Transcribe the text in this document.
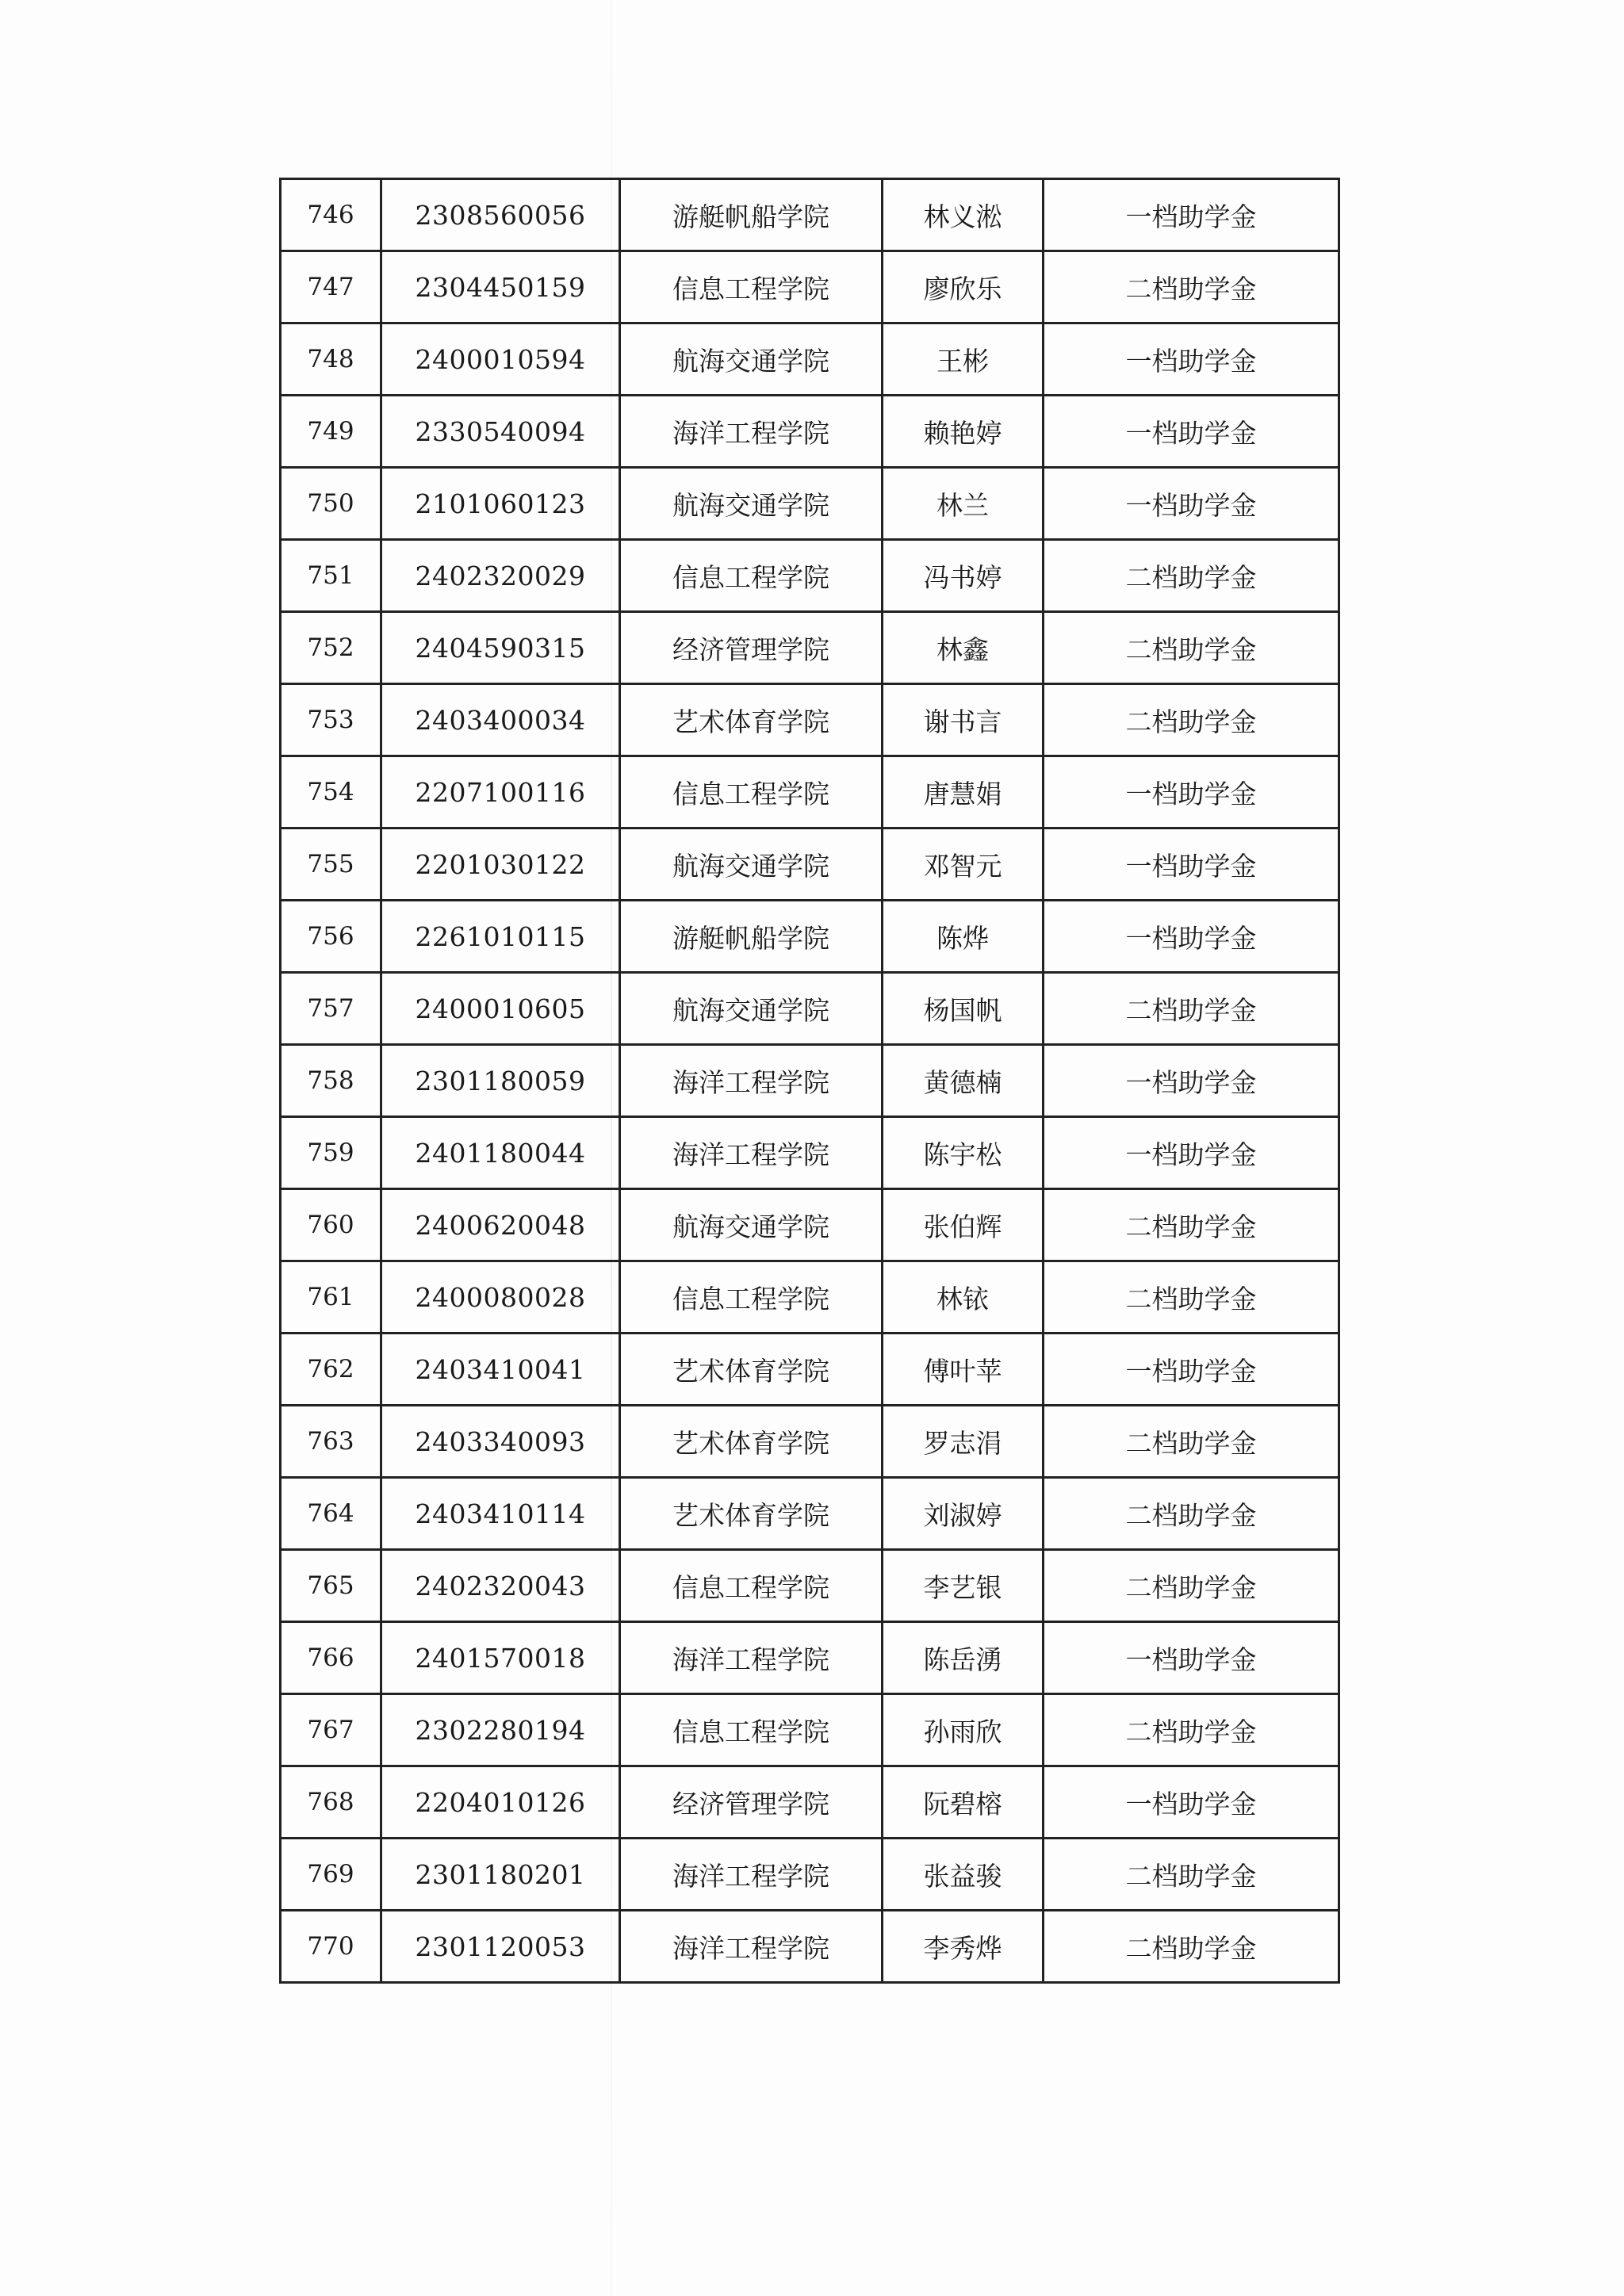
746	2308560056	游艇帆船学院	林义淞	一档助学金
747	2304450159	信息工程学院	廖欣乐	二档助学金
748	2400010594	航海交通学院	王彬	一档助学金
749	2330540094	海洋工程学院	赖艳婷	一档助学金
750	2101060123	航海交通学院	林兰	一档助学金
751	2402320029	信息工程学院	冯书婷	二档助学金
752	2404590315	经济管理学院	林鑫	二档助学金
753	2403400034	艺术体育学院	谢书言	二档助学金
754	2207100116	信息工程学院	唐慧娟	一档助学金
755	2201030122	航海交通学院	邓智元	一档助学金
756	2261010115	游艇帆船学院	陈烨	一档助学金
757	2400010605	航海交通学院	杨国帆	二档助学金
758	2301180059	海洋工程学院	黄德楠	一档助学金
759	2401180044	海洋工程学院	陈宇松	一档助学金
760	2400620048	航海交通学院	张伯辉	二档助学金
761	2400080028	信息工程学院	林铱	二档助学金
762	2403410041	艺术体育学院	傅叶苹	一档助学金
763	2403340093	艺术体育学院	罗志涓	二档助学金
764	2403410114	艺术体育学院	刘淑婷	二档助学金
765	2402320043	信息工程学院	李艺银	二档助学金
766	2401570018	海洋工程学院	陈岳湧	一档助学金
767	2302280194	信息工程学院	孙雨欣	二档助学金
768	2204010126	经济管理学院	阮碧榕	一档助学金
769	2301180201	海洋工程学院	张益骏	二档助学金
770	2301120053	海洋工程学院	李秀烨	二档助学金
